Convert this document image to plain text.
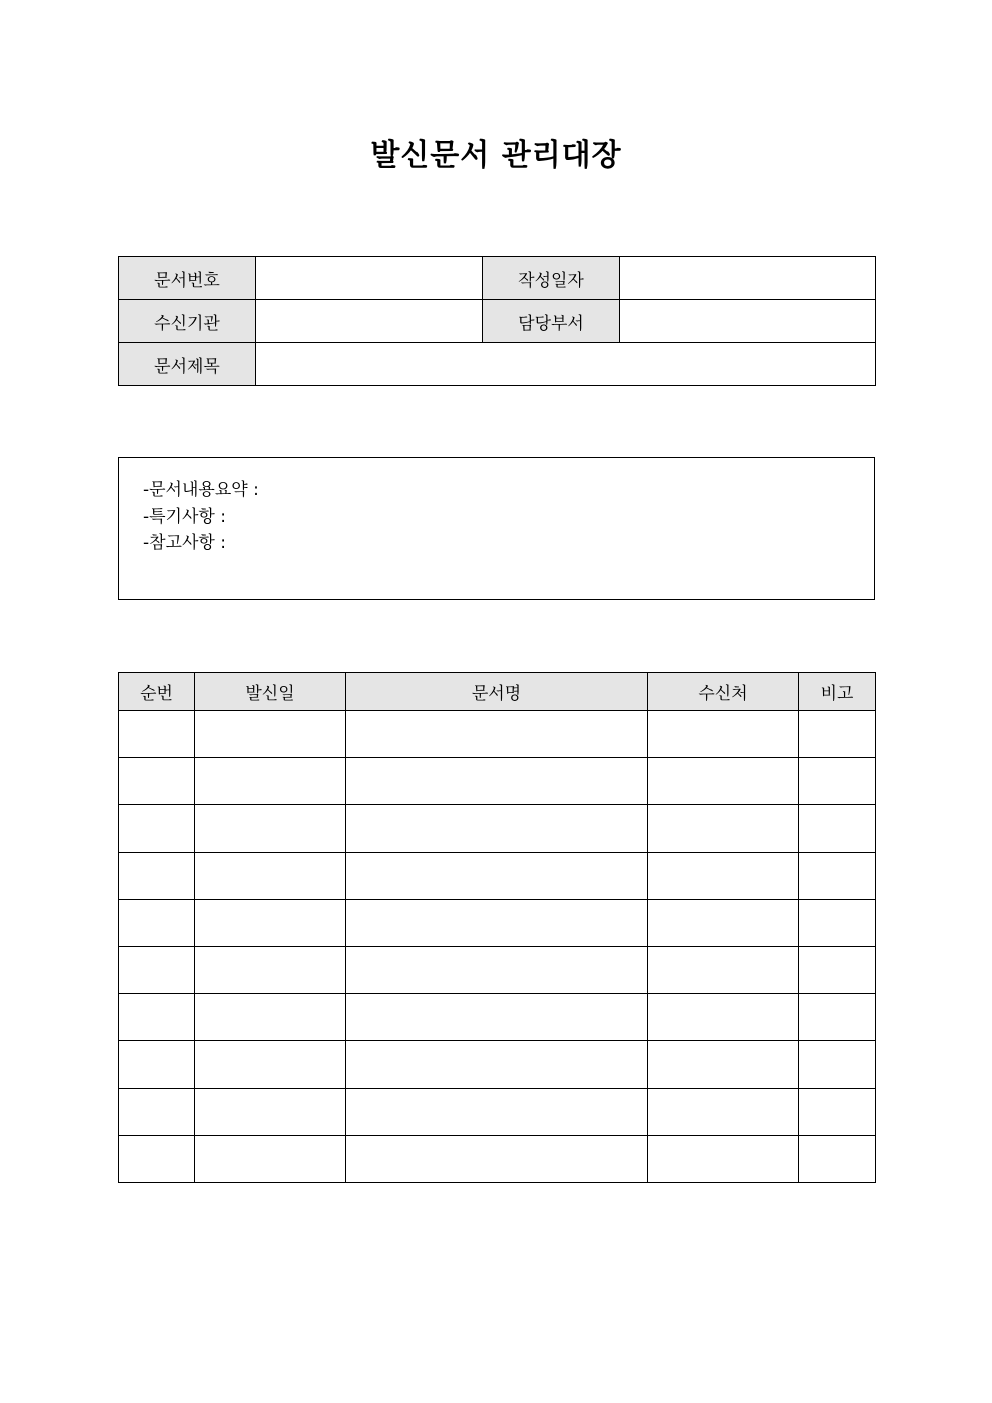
발신문서 관리대장
문서번호		작성일자	
수신기관		담당부서	
문서제목			
-문서내용요약 :
-특기사항 :
-참고사항 :
순번	발신일	문서명	수신처	비고
